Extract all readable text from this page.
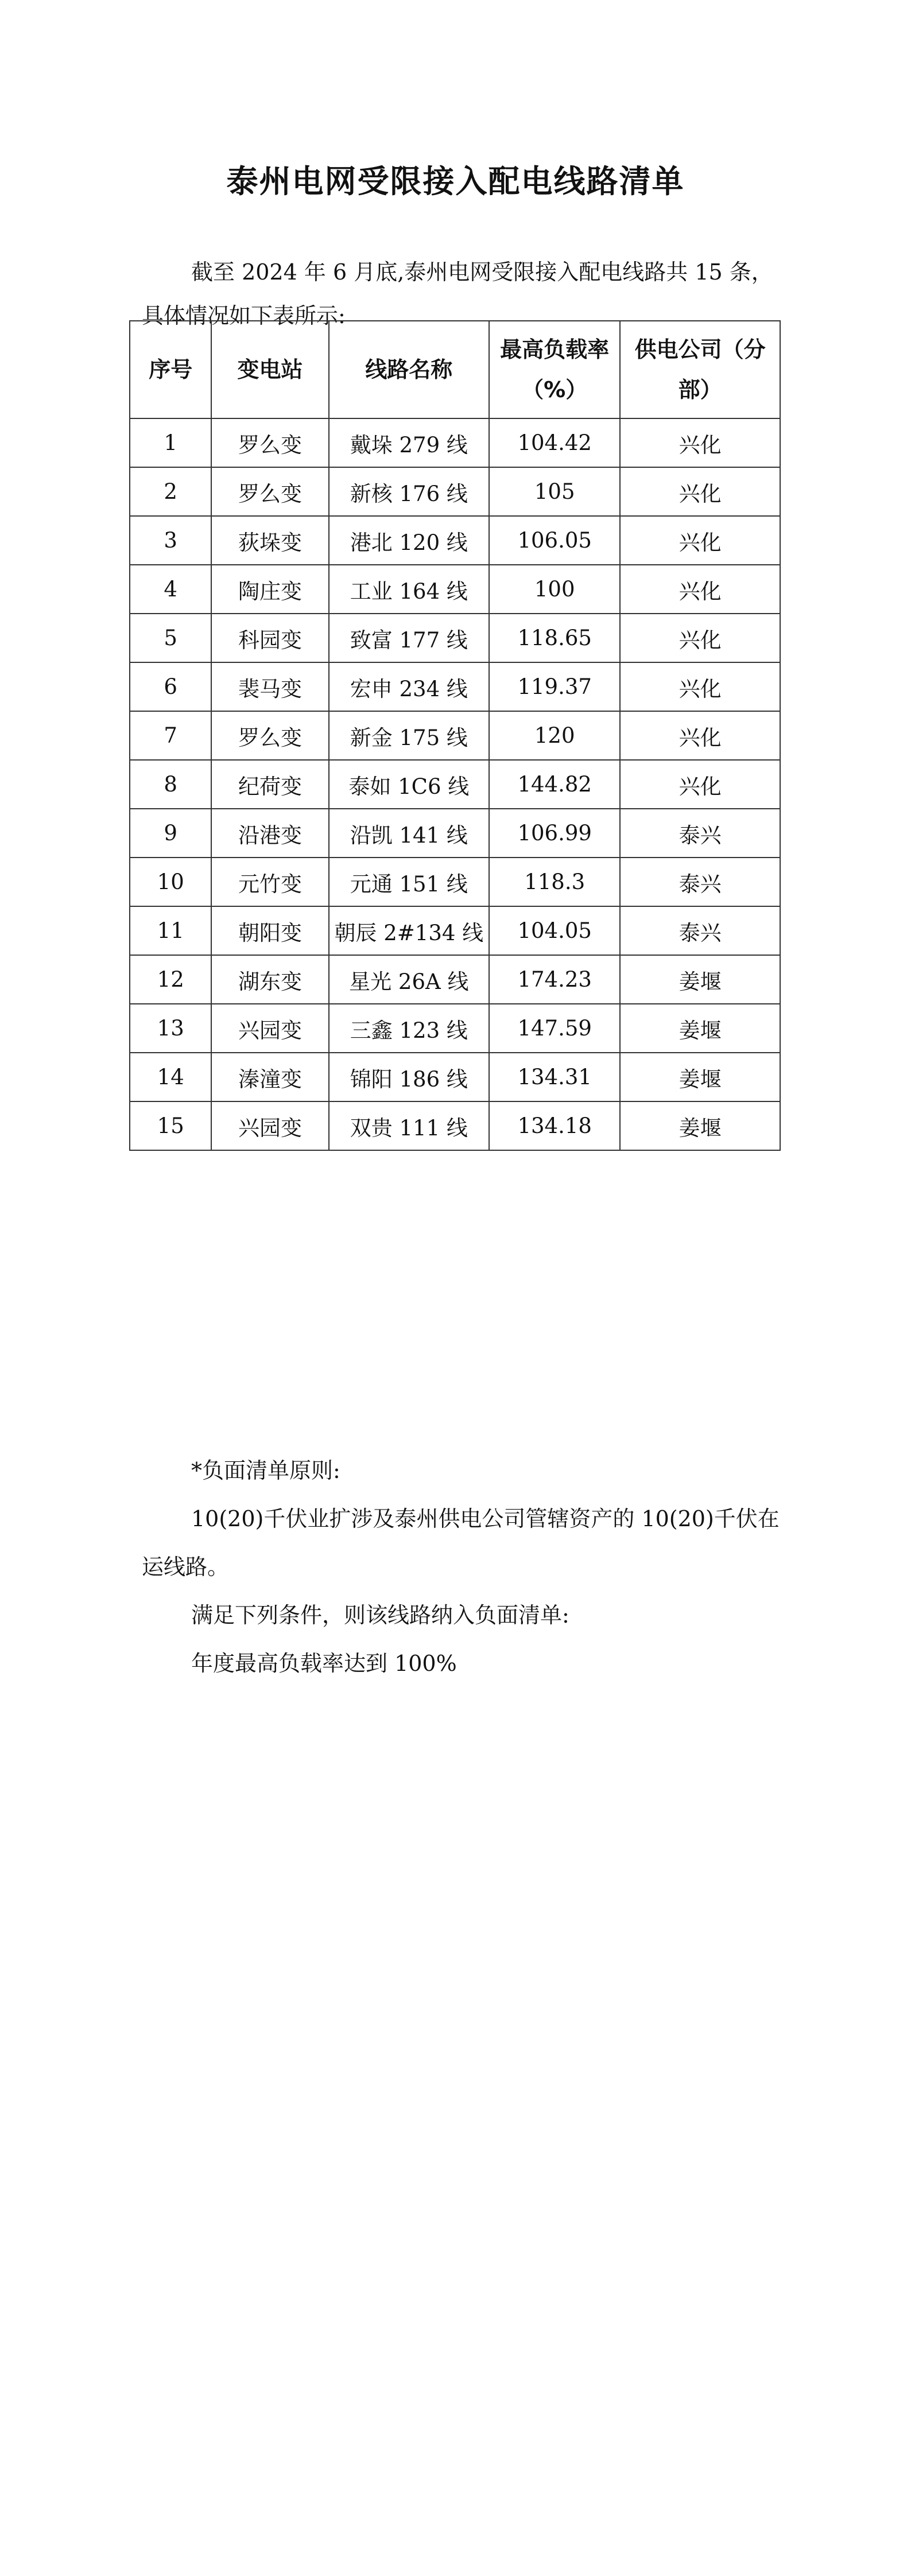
泰州电网受限接入配电线路清单

截至 2024 年 6 月底,泰州电网受限接入配电线路共 15 条，具体情况如下表所示:

序号	变电站	线路名称	最高负载率（%）	供电公司（分部）
1	罗么变	戴垛 279 线	104.42	兴化
2	罗么变	新核 176 线	105	兴化
3	荻垛变	港北 120 线	106.05	兴化
4	陶庄变	工业 164 线	100	兴化
5	科园变	致富 177 线	118.65	兴化
6	裴马变	宏申 234 线	119.37	兴化
7	罗么变	新金 175 线	120	兴化
8	纪荷变	泰如 1C6 线	144.82	兴化
9	沿港变	沿凯 141 线	106.99	泰兴
10	元竹变	元通 151 线	118.3	泰兴
11	朝阳变	朝辰 2#134 线	104.05	泰兴
12	湖东变	星光 26A 线	174.23	姜堰
13	兴园变	三鑫 123 线	147.59	姜堰
14	溱潼变	锦阳 186 线	134.31	姜堰
15	兴园变	双贵 111 线	134.18	姜堰

*负面清单原则:

10(20)千伏业扩涉及泰州供电公司管辖资产的 10(20)千伏在运线路。

满足下列条件，则该线路纳入负面清单:

年度最高负载率达到 100%
